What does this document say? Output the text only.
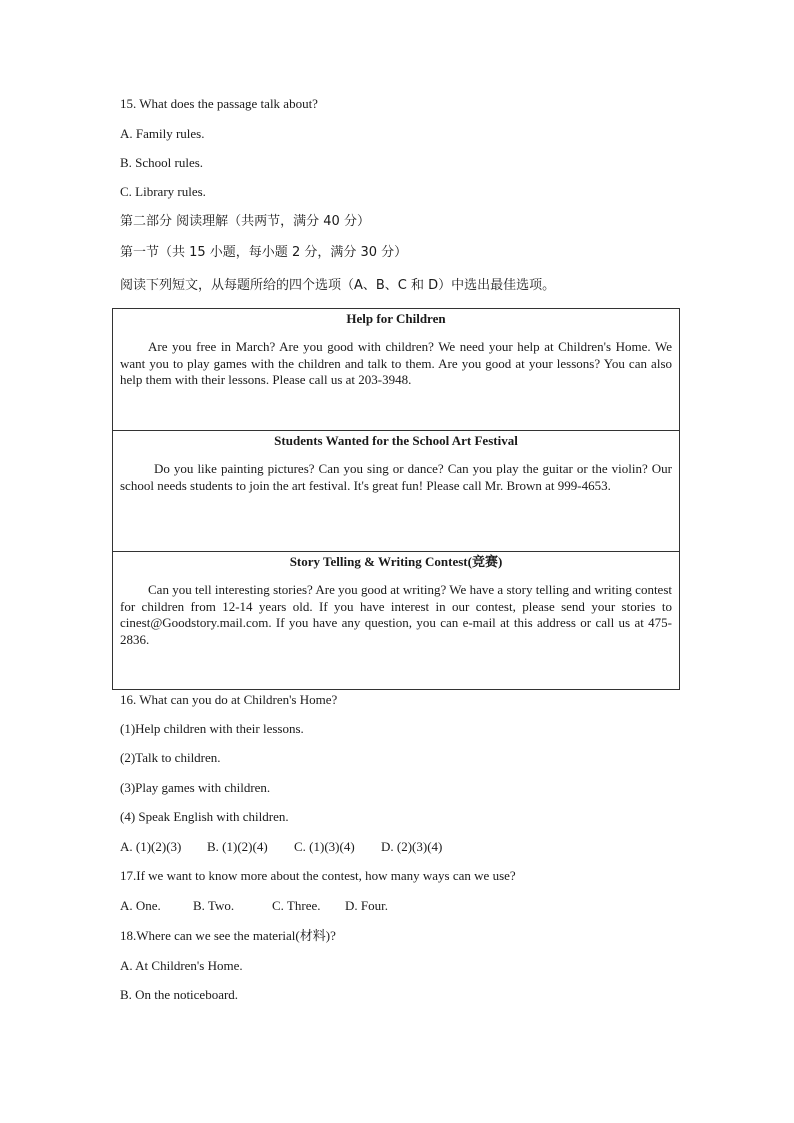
15. What does the passage talk about?
A. Family rules.
B. School rules.
C. Library rules.
第二部分 阅读理解（共两节，满分 40 分）
第一节（共 15 小题，每小题 2 分，满分 30 分）
阅读下列短文，从每题所给的四个选项（A、B、C 和 D）中选出最佳选项。
Help for Children
Are you free in March? Are you good with children? We need your help at Children's Home. We want you to play games with the children and talk to them. Are you good at your lessons? You can also help them with their lessons. Please call us at 203-3948.
Students Wanted for the School Art Festival
Do you like painting pictures? Can you sing or dance? Can you play the guitar or the violin? Our school needs students to join the art festival. It's great fun! Please call Mr. Brown at 999-4653.
Story Telling & Writing Contest(竞赛)
Can you tell interesting stories? Are you good at writing? We have a story telling and writing contest for children from 12-14 years old. If you have interest in our contest, please send your stories to cinest@Goodstory.mail.com. If you have any question, you can e-mail at this address or call us at 475-2836.
16. What can you do at Children's Home?
(1)Help children with their lessons.
(2)Talk to children.
(3)Play games with children.
(4) Speak English with children.
A. (1)(2)(3) B. (1)(2)(4) C. (1)(3)(4) D. (2)(3)(4)
17.If we want to know more about the contest, how many ways can we use?
A. One. B. Two.	C. Three. D. Four.
18.Where can we see the material(材料)?
A. At Children's Home.
B. On the noticeboard.
